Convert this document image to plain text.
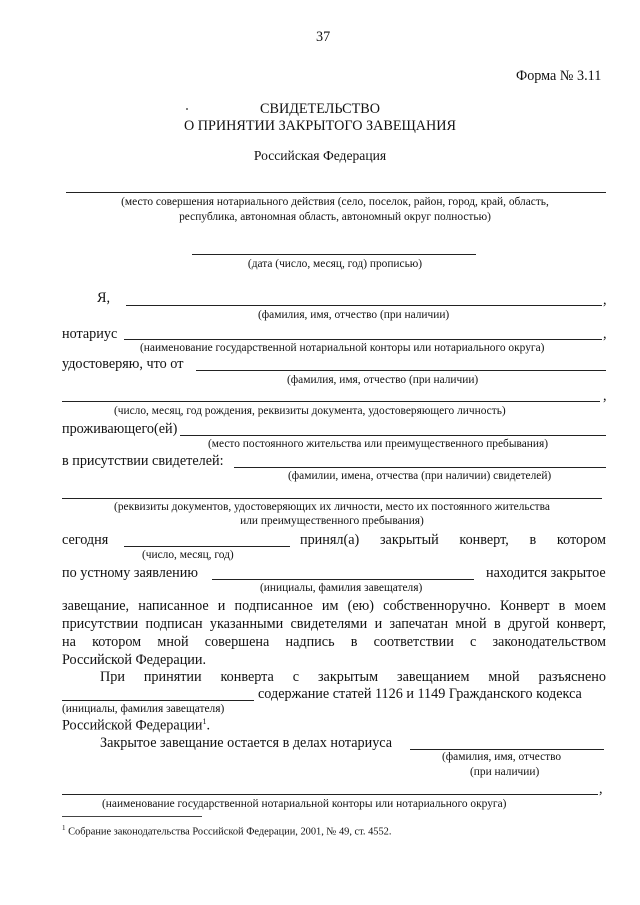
37
Форма № 3.11
СВИДЕТЕЛЬСТВО
О ПРИНЯТИИ ЗАКРЫТОГО ЗАВЕЩАНИЯ
Российская Федерация
(место совершения нотариального действия (село, поселок, район, город, край, область,
республика, автономная область, автономный округ полностью)
(дата (число, месяц, год) прописью)
Я,	,
(фамилия, имя, отчество (при наличии)
нотариус	,
(наименование государственной нотариальной конторы или нотариального округа)
удостоверяю, что от
(фамилия, имя, отчество (при наличии)
,
(число, месяц, год рождения, реквизиты документа, удостоверяющего личность)
проживающего(ей)
(место постоянного жительства или преимущественного пребывания)
в присутствии свидетелей:
(фамилии, имена, отчества (при наличии) свидетелей)
(реквизиты документов, удостоверяющих их личности, место их постоянного жительства
или преимущественного пребывания)
сегодня	принял(а) закрытый конверт, в котором
(число, месяц, год)
по устному заявлению	находится закрытое
(инициалы, фамилия завещателя)
завещание, написанное и подписанное им (ею) собственноручно. Конверт в моем
присутствии подписан указанными свидетелями и запечатан мной в другой конверт,
на котором мной совершена надпись в соответствии с законодательством
Российской Федерации.
При принятии конверта с закрытым завещанием мной разъяснено
содержание статей 1126 и 1149 Гражданского кодекса
(инициалы, фамилия завещателя)
Российской Федерации$^1$.
Закрытое завещание остается в делах нотариуса
(фамилия, имя, отчество
(при наличии)
,
(наименование государственной нотариальной конторы или нотариального округа)
$^1$ Собрание законодательства Российской Федерации, 2001, № 49, ст. 4552.
